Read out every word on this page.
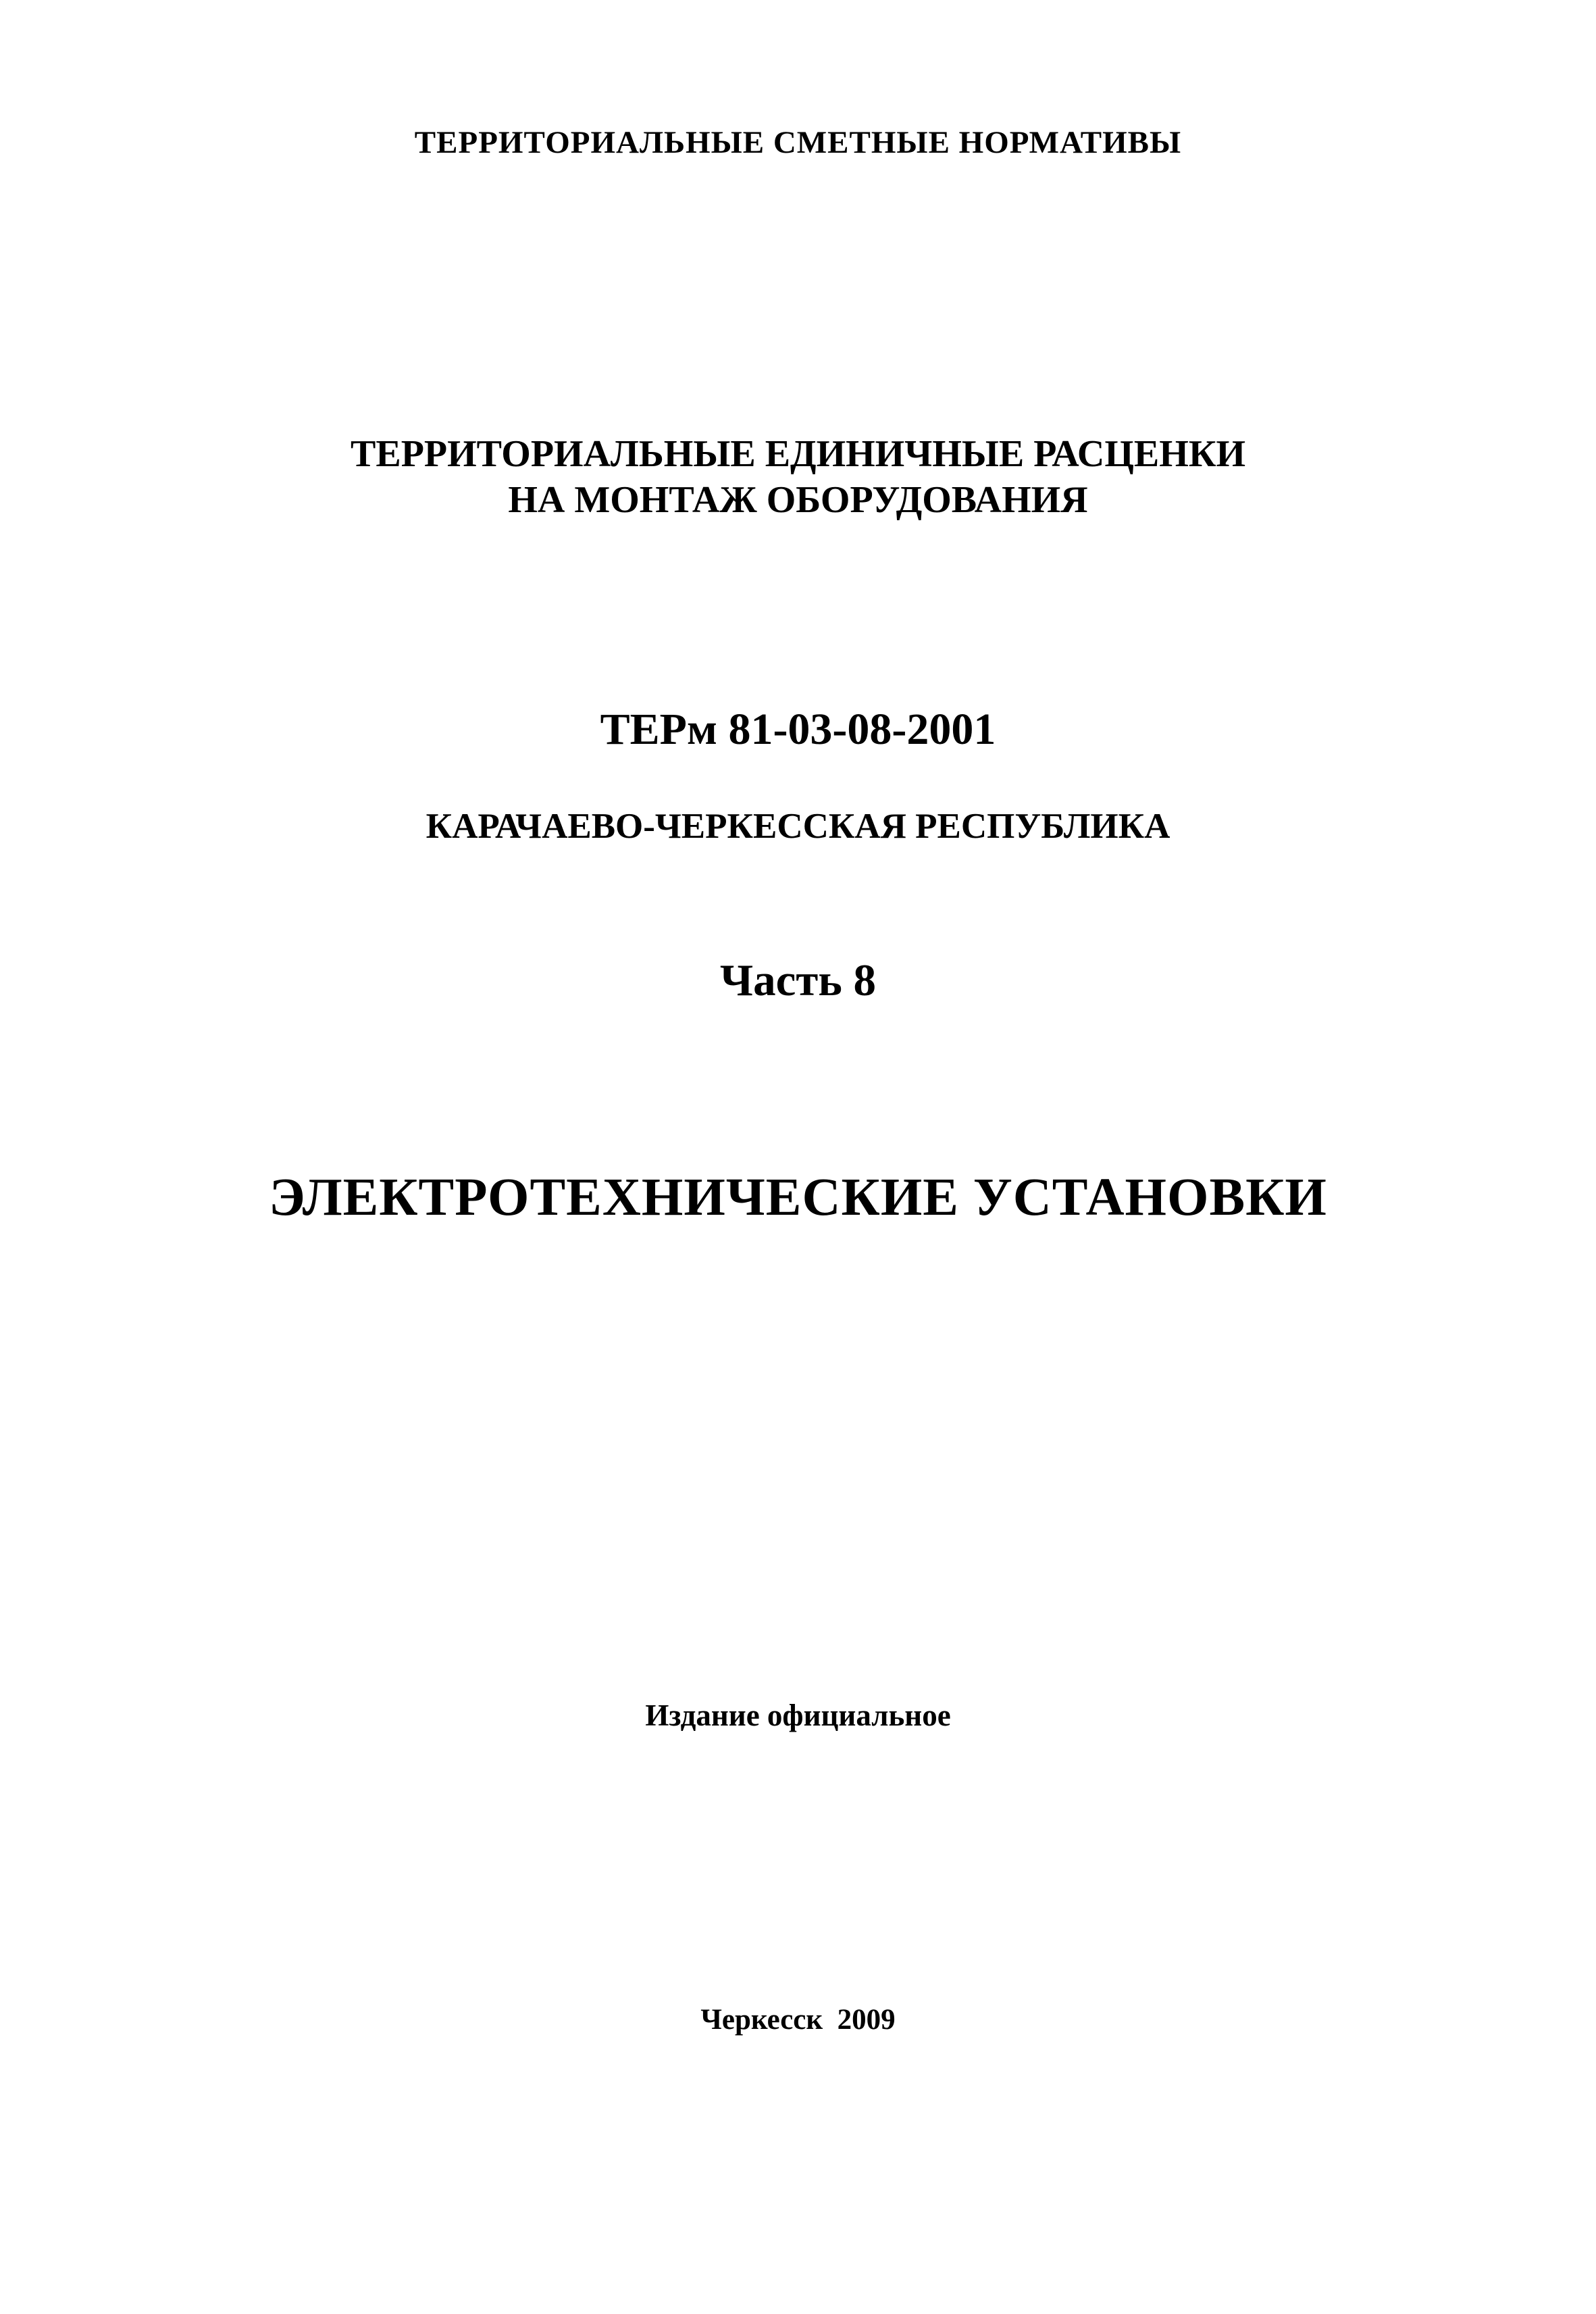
ТЕРРИТОРИАЛЬНЫЕ СМЕТНЫЕ НОРМАТИВЫ

ТЕРРИТОРИАЛЬНЫЕ ЕДИНИЧНЫЕ РАСЦЕНКИ

НА МОНТАЖ ОБОРУДОВАНИЯ

ТЕРм 81-03-08-2001

КАРАЧАЕВО-ЧЕРКЕССКАЯ РЕСПУБЛИКА

Часть 8

ЭЛЕКТРОТЕХНИЧЕСКИЕ УСТАНОВКИ

Издание официальное

Черкесск  2009
